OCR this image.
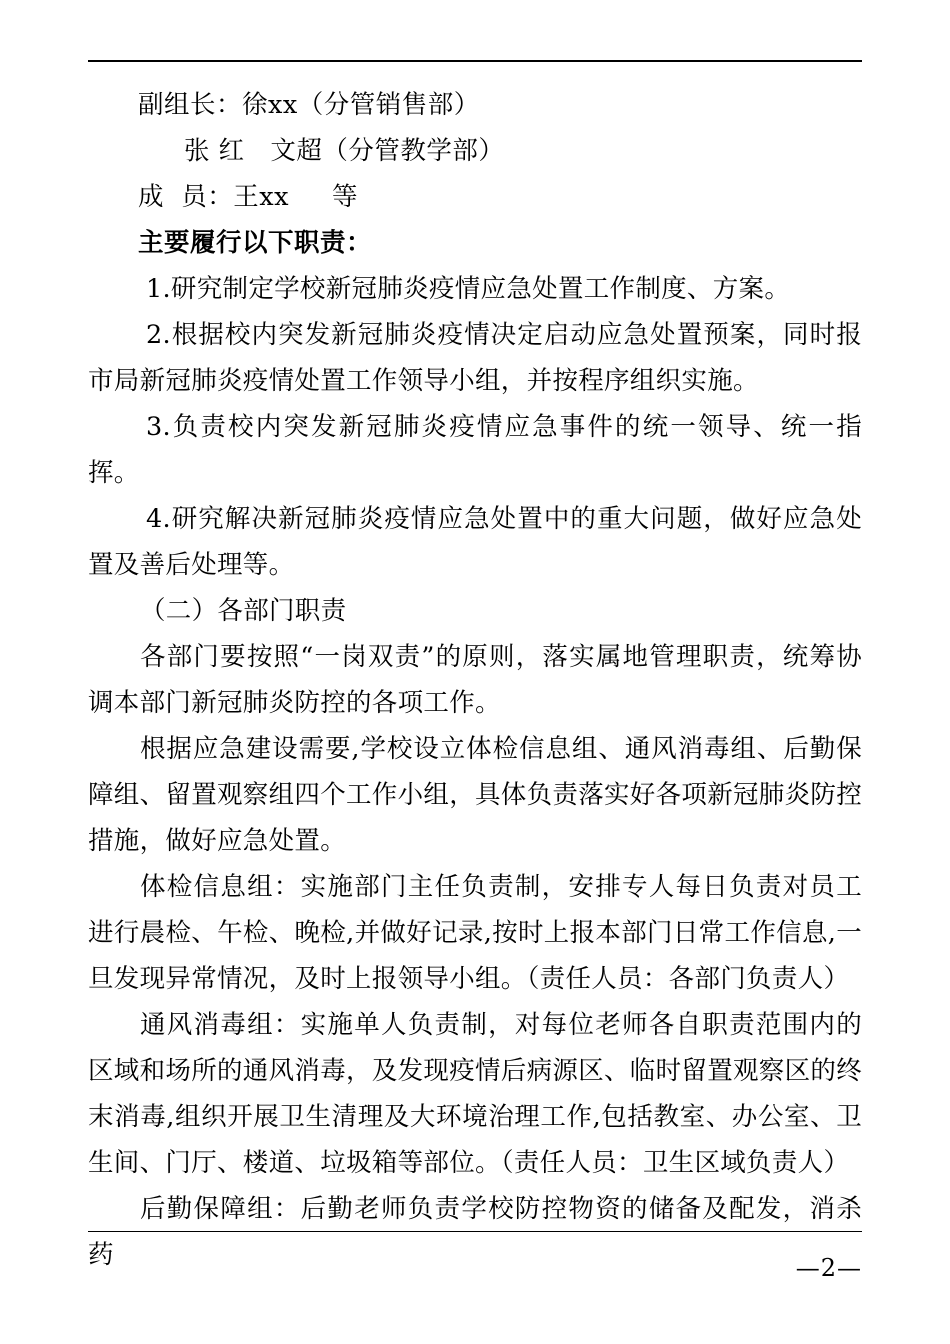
副组长：徐xx（分管销售部）
张 红   文超（分管教学部）
成  员：王xx     等
主要履行以下职责：
1.研究制定学校新冠肺炎疫情应急处置工作制度、方案。
2.根据校内突发新冠肺炎疫情决定启动应急处置预案，同时报市局新冠肺炎疫情处置工作领导小组，并按程序组织实施。
3.负责校内突发新冠肺炎疫情应急事件的统一领导、统一指挥。
4.研究解决新冠肺炎疫情应急处置中的重大问题，做好应急处置及善后处理等。
（二）各部门职责
各部门要按照“一岗双责”的原则，落实属地管理职责，统筹协调本部门新冠肺炎防控的各项工作。
根据应急建设需要,学校设立体检信息组、通风消毒组、后勤保障组、留置观察组四个工作小组，具体负责落实好各项新冠肺炎防控措施，做好应急处置。
体检信息组：实施部门主任负责制，安排专人每日负责对员工进行晨检、午检、晚检,并做好记录,按时上报本部门日常工作信息,一旦发现异常情况，及时上报领导小组。（责任人员：各部门负责人）
通风消毒组：实施单人负责制，对每位老师各自职责范围内的区域和场所的通风消毒，及发现疫情后病源区、临时留置观察区的终末消毒,组织开展卫生清理及大环境治理工作,包括教室、办公室、卫生间、门厅、楼道、垃圾箱等部位。（责任人员：卫生区域负责人）
后勤保障组：后勤老师负责学校防控物资的储备及配发，消杀药	—2—
